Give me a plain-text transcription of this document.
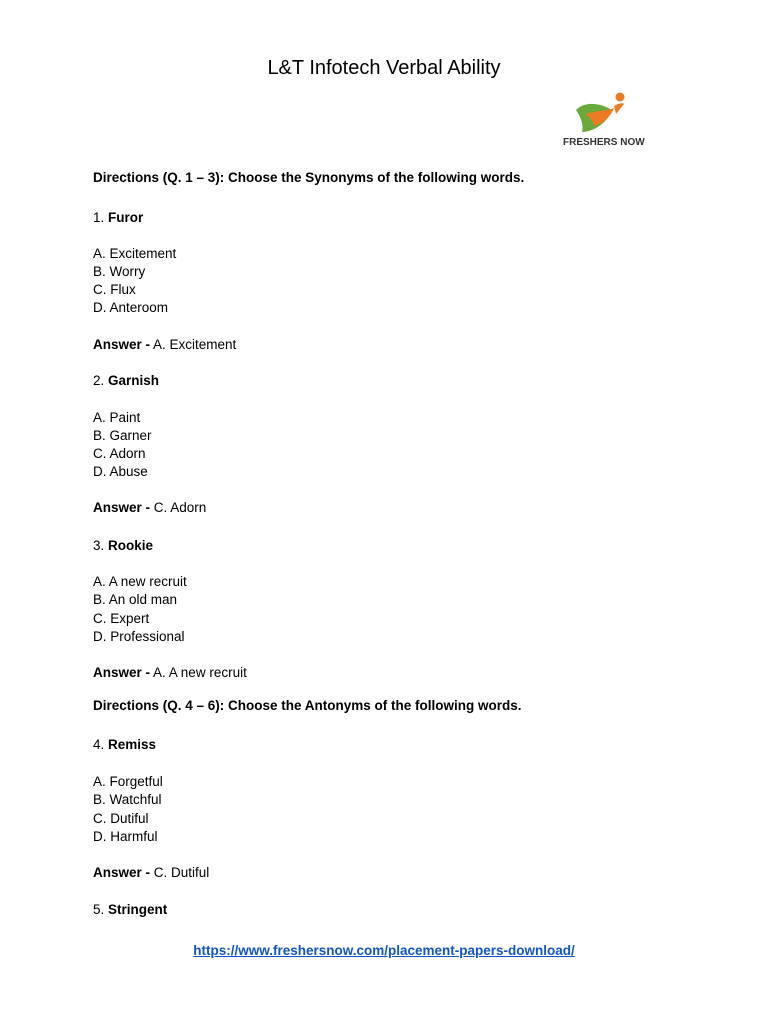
L&T Infotech Verbal Ability
FRESHERS NOW
Directions (Q. 1 – 3): Choose the Synonyms of the following words.
1. Furor
A. Excitement
B. Worry
C. Flux
D. Anteroom
Answer - A. Excitement
2. Garnish
A. Paint
B. Garner
C. Adorn
D. Abuse
Answer - C. Adorn
3. Rookie
A. A new recruit
B. An old man
C. Expert
D. Professional
Answer - A. A new recruit
Directions (Q. 4 – 6): Choose the Antonyms of the following words.
4. Remiss
A. Forgetful
B. Watchful
C. Dutiful
D. Harmful
Answer - C. Dutiful
5. Stringent
https://www.freshersnow.com/placement-papers-download/
